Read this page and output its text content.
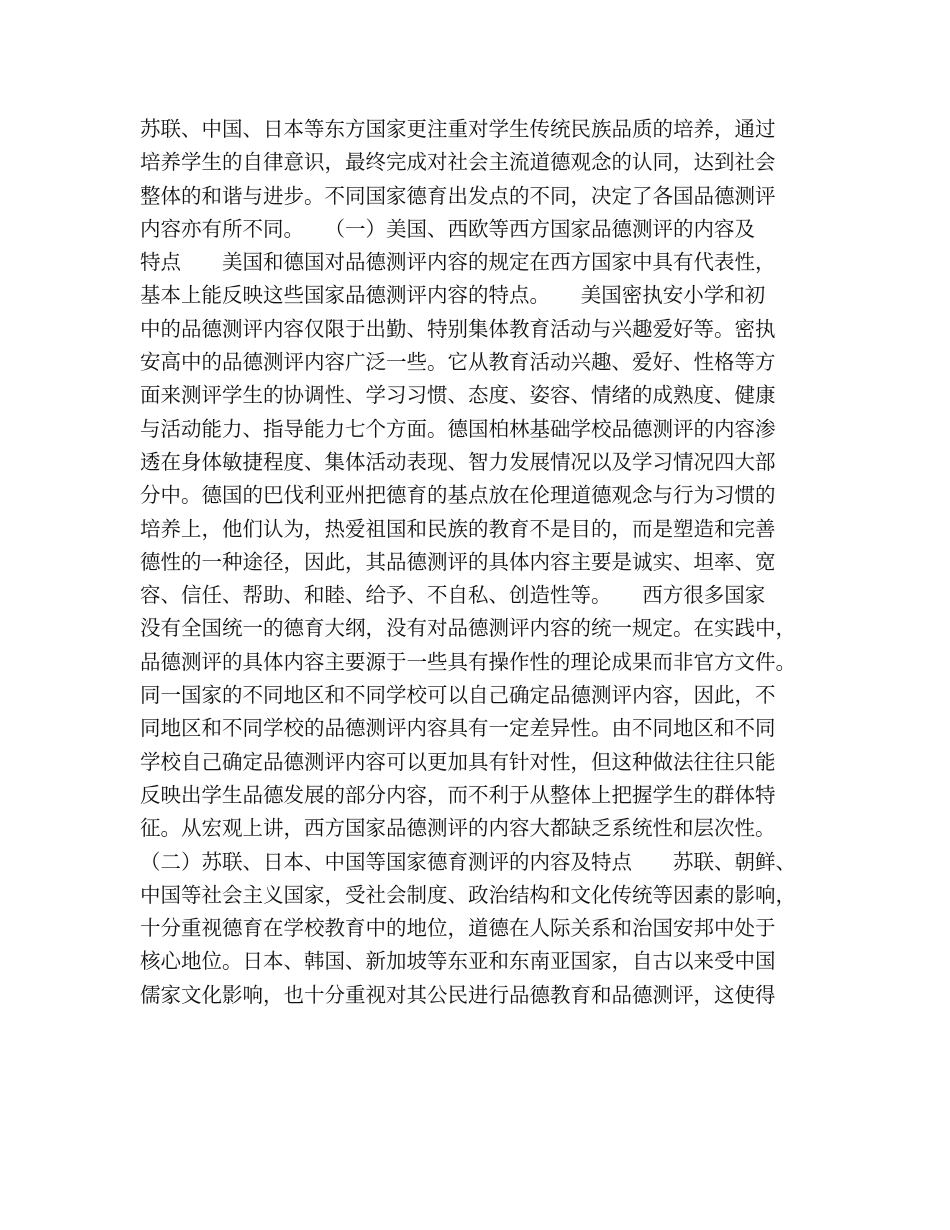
苏联、中国、日本等东方国家更注重对学生传统民族品质的培养，通过
培养学生的自律意识，最终完成对社会主流道德观念的认同，达到社会
整体的和谐与进步。不同国家德育出发点的不同，决定了各国品德测评
内容亦有所不同。　　（一）美国、西欧等西方国家品德测评的内容及
特点　　美国和德国对品德测评内容的规定在西方国家中具有代表性，
基本上能反映这些国家品德测评内容的特点。　　美国密执安小学和初
中的品德测评内容仅限于出勤、特别集体教育活动与兴趣爱好等。密执
安高中的品德测评内容广泛一些。它从教育活动兴趣、爱好、性格等方
面来测评学生的协调性、学习习惯、态度、姿容、情绪的成熟度、健康
与活动能力、指导能力七个方面。德国柏林基础学校品德测评的内容渗
透在身体敏捷程度、集体活动表现、智力发展情况以及学习情况四大部
分中。德国的巴伐利亚州把德育的基点放在伦理道德观念与行为习惯的
培养上，他们认为，热爱祖国和民族的教育不是目的，而是塑造和完善
德性的一种途径，因此，其品德测评的具体内容主要是诚实、坦率、宽
容、信任、帮助、和睦、给予、不自私、创造性等。　　西方很多国家
没有全国统一的德育大纲，没有对品德测评内容的统一规定。在实践中，
品德测评的具体内容主要源于一些具有操作性的理论成果而非官方文件。
同一国家的不同地区和不同学校可以自己确定品德测评内容，因此，不
同地区和不同学校的品德测评内容具有一定差异性。由不同地区和不同
学校自己确定品德测评内容可以更加具有针对性，但这种做法往往只能
反映出学生品德发展的部分内容，而不利于从整体上把握学生的群体特
征。从宏观上讲，西方国家品德测评的内容大都缺乏系统性和层次性。
（二）苏联、日本、中国等国家德育测评的内容及特点　　苏联、朝鲜、
中国等社会主义国家，受社会制度、政治结构和文化传统等因素的影响，
十分重视德育在学校教育中的地位，道德在人际关系和治国安邦中处于
核心地位。日本、韩国、新加坡等东亚和东南亚国家，自古以来受中国
儒家文化影响，也十分重视对其公民进行品德教育和品德测评，这使得
